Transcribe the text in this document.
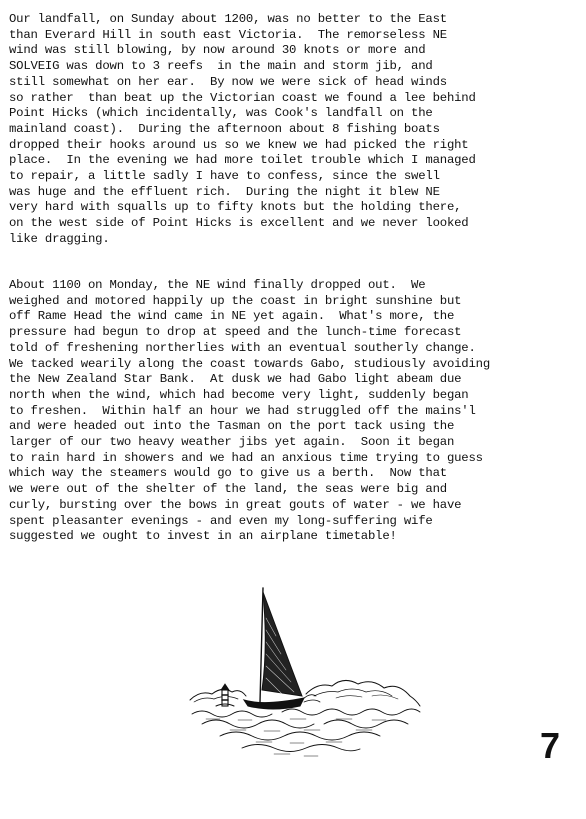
Our landfall, on Sunday about 1200, was no better to the East
than Everard Hill in south east Victoria.  The remorseless NE
wind was still blowing, by now around 30 knots or more and
SOLVEIG was down to 3 reefs  in the main and storm jib, and
still somewhat on her ear.  By now we were sick of head winds
so rather  than beat up the Victorian coast we found a lee behind
Point Hicks (which incidentally, was Cook's landfall on the
mainland coast).  During the afternoon about 8 fishing boats
dropped their hooks around us so we knew we had picked the right
place.  In the evening we had more toilet trouble which I managed
to repair, a little sadly I have to confess, since the swell
was huge and the effluent rich.  During the night it blew NE
very hard with squalls up to fifty knots but the holding there,
on the west side of Point Hicks is excellent and we never looked
like dragging.
About 1100 on Monday, the NE wind finally dropped out.  We
weighed and motored happily up the coast in bright sunshine but
off Rame Head the wind came in NE yet again.  What's more, the
pressure had begun to drop at speed and the lunch-time forecast
told of freshening northerlies with an eventual southerly change.
We tacked wearily along the coast towards Gabo, studiously avoiding
the New Zealand Star Bank.  At dusk we had Gabo light abeam due
north when the wind, which had become very light, suddenly began
to freshen.  Within half an hour we had struggled off the mains'l
and were headed out into the Tasman on the port tack using the
larger of our two heavy weather jibs yet again.  Soon it began
to rain hard in showers and we had an anxious time trying to guess
which way the steamers would go to give us a berth.  Now that
we were out of the shelter of the land, the seas were big and
curly, bursting over the bows in great gouts of water - we have
spent pleasanter evenings - and even my long-suffering wife
suggested we ought to invest in an airplane timetable!
7
